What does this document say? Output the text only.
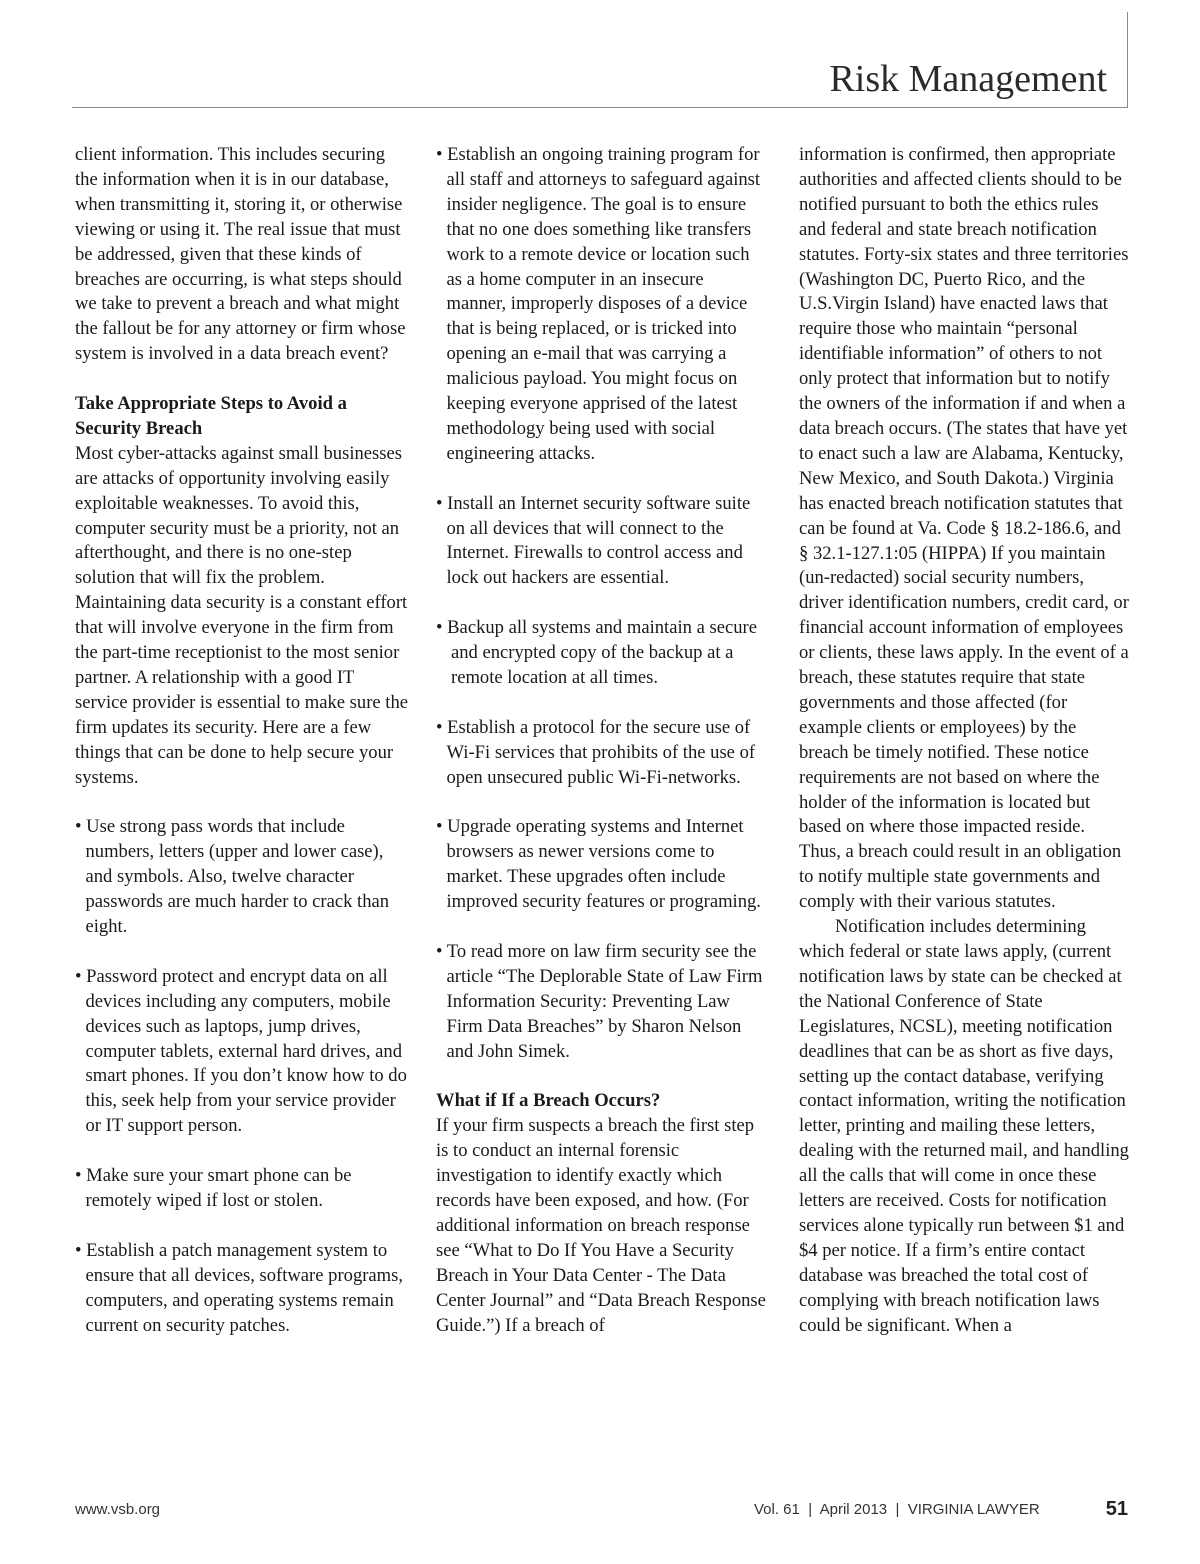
Risk Management

client information. This includes securing the information when it is in our database, when transmitting it, storing it, or otherwise viewing or using it. The real issue that must be addressed, given that these kinds of breaches are occurring, is what steps should we take to prevent a breach and what might the fallout be for any attorney or firm whose system is involved in a data breach event?

Take Appropriate Steps to Avoid a Security Breach

Most cyber-attacks against small businesses are attacks of opportunity involving easily exploitable weaknesses. To avoid this, computer security must be a priority, not an afterthought, and there is no one-step solution that will fix the problem. Maintaining data security is a constant effort that will involve everyone in the firm from the part-time receptionist to the most senior partner. A relationship with a good IT service provider is essential to make sure the firm updates its security. Here are a few things that can be done to help secure your systems.

• Use strong pass words that include numbers, letters (upper and lower case), and symbols. Also, twelve character passwords are much harder to crack than eight.

• Password protect and encrypt data on all devices including any computers, mobile devices such as laptops, jump drives, computer tablets, external hard drives, and smart phones. If you don’t know how to do this, seek help from your service provider or IT support person.

• Make sure your smart phone can be remotely wiped if lost or stolen.

• Establish a patch management system to ensure that all devices, software programs, computers, and operating systems remain current on security patches.

• Establish an ongoing training program for all staff and attorneys to safeguard against insider negligence. The goal is to ensure that no one does something like transfers work to a remote device or location such as a home computer in an insecure manner, improperly disposes of a device that is being replaced, or is tricked into opening an e-mail that was carrying a malicious payload. You might focus on keeping everyone apprised of the latest methodology being used with social engineering attacks.

• Install an Internet security software suite on all devices that will connect to the Internet. Firewalls to control access and lock out hackers are essential.

• Backup all systems and maintain a secure and encrypted copy of the backup at a remote location at all times.

• Establish a protocol for the secure use of Wi-Fi services that prohibits of the use of open unsecured public Wi-Fi-networks.

• Upgrade operating systems and Internet browsers as newer versions come to market. These upgrades often include improved security features or programing.

• To read more on law firm security see the article “The Deplorable State of Law Firm Information Security: Preventing Law Firm Data Breaches” by Sharon Nelson and John Simek.

What if If a Breach Occurs?

If your firm suspects a breach the first step is to conduct an internal forensic investigation to identify exactly which records have been exposed, and how. (For additional information on breach response see “What to Do If You Have a Security Breach in Your Data Center - The Data Center Journal” and “Data Breach Response Guide.”) If a breach of

information is confirmed, then appropriate authorities and affected clients should to be notified pursuant to both the ethics rules and federal and state breach notification statutes. Forty-six states and three territories (Washington DC, Puerto Rico, and the U.S.Virgin Island) have enacted laws that require those who maintain “personal identifiable information” of others to not only protect that information but to notify the owners of the information if and when a data breach occurs. (The states that have yet to enact such a law are Alabama, Kentucky, New Mexico, and South Dakota.) Virginia has enacted breach notification statutes that can be found at Va. Code § 18.2-186.6, and § 32.1-127.1:05 (HIPPA) If you maintain (un-redacted) social security numbers, driver identification numbers, credit card, or financial account information of employees or clients, these laws apply. In the event of a breach, these statutes require that state governments and those affected (for example clients or employees) by the breach be timely notified. These notice requirements are not based on where the holder of the information is located but based on where those impacted reside. Thus, a breach could result in an obligation to notify multiple state governments and comply with their various statutes.

Notification includes determining which federal or state laws apply, (current notification laws by state can be checked at the National Conference of State Legislatures, NCSL), meeting notification deadlines that can be as short as five days, setting up the contact database, verifying contact information, writing the notification letter, printing and mailing these letters, dealing with the returned mail, and handling all the calls that will come in once these letters are received. Costs for notification services alone typically run between $1 and $4 per notice. If a firm’s entire contact database was breached the total cost of complying with breach notification laws could be significant. When a

www.vsb.org	Vol. 61  |  April 2013  |  VIRGINIA LAWYER	51
